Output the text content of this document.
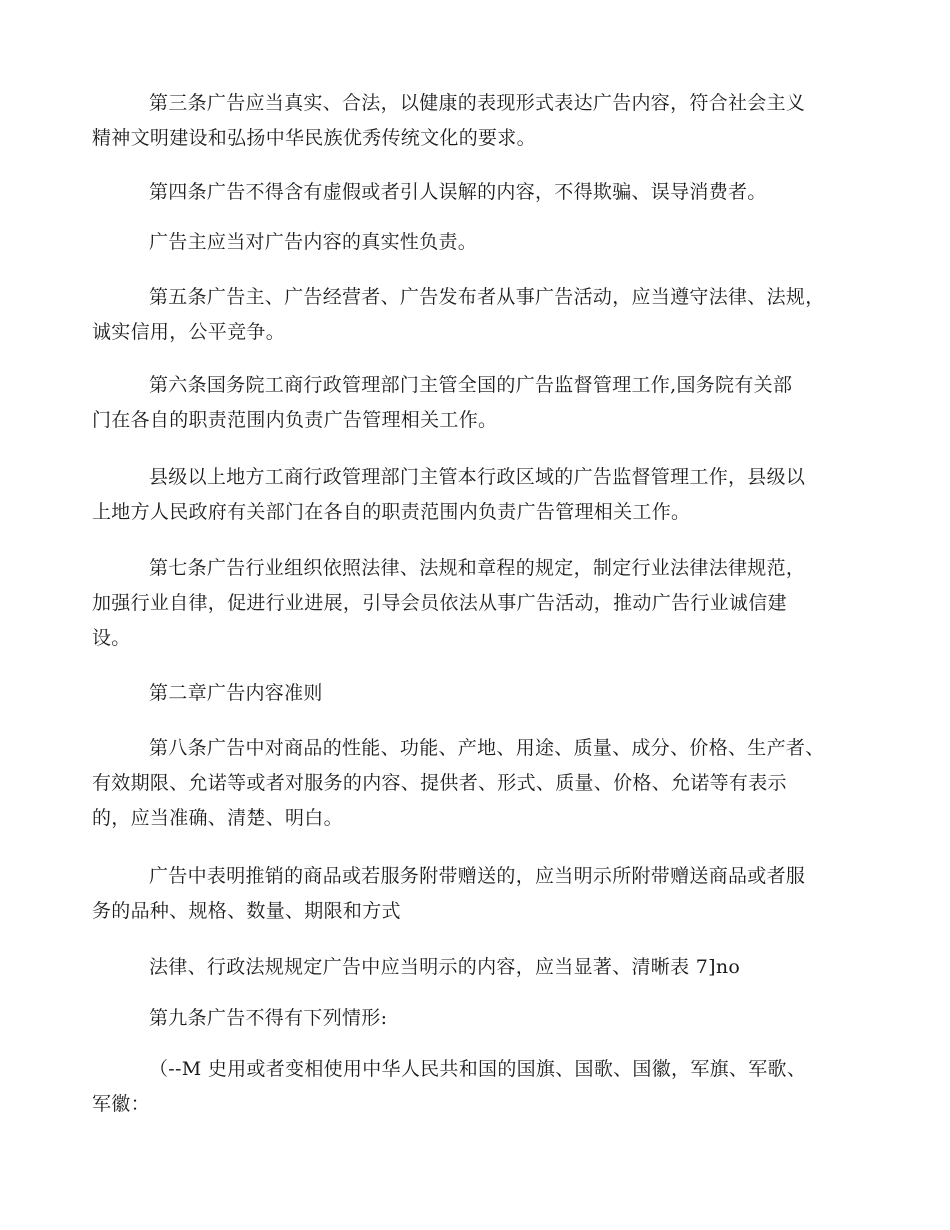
第三条广告应当真实、合法，以健康的表现形式表达广告内容，符合社会主义
精神文明建设和弘扬中华民族优秀传统文化的要求。

第四条广告不得含有虚假或者引人误解的内容，不得欺骗、误导消费者。

广告主应当对广告内容的真实性负责。

第五条广告主、广告经营者、广告发布者从事广告活动，应当遵守法律、法规，
诚实信用，公平竞争。

第六条国务院工商行政管理部门主管全国的广告监督管理工作,国务院有关部
门在各自的职责范围内负责广告管理相关工作。

县级以上地方工商行政管理部门主管本行政区域的广告监督管理工作，县级以
上地方人民政府有关部门在各自的职责范围内负责广告管理相关工作。

第七条广告行业组织依照法律、法规和章程的规定，制定行业法律法律规范，
加强行业自律，促进行业进展，引导会员依法从事广告活动，推动广告行业诚信建
设。

第二章广告内容准则

第八条广告中对商品的性能、功能、产地、用途、质量、成分、价格、生产者、
有效期限、允诺等或者对服务的内容、提供者、形式、质量、价格、允诺等有表示
的，应当准确、清楚、明白。

广告中表明推销的商品或若服务附带赠送的，应当明示所附带赠送商品或者服
务的品种、规格、数量、期限和方式

法律、行政法规规定广告中应当明示的内容，应当显著、清晰表 7]no

第九条广告不得有下列情形:

（--M 史用或者变相使用中华人民共和国的国旗、国歌、国徽，军旗、军歌、
军徽：
